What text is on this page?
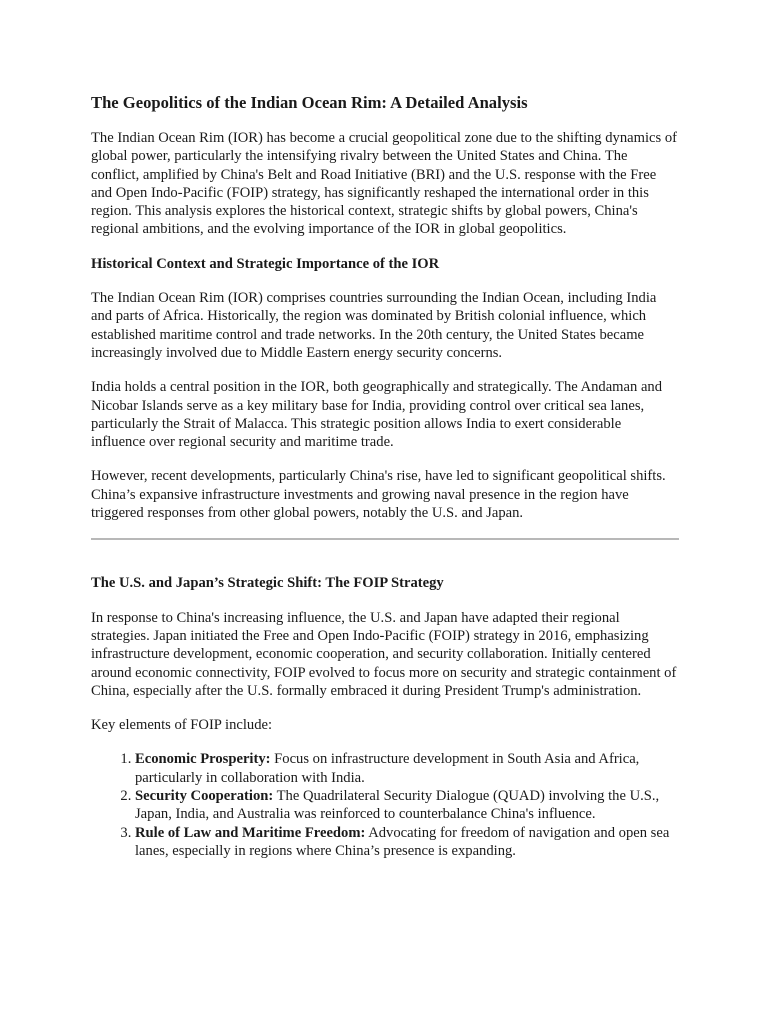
The Geopolitics of the Indian Ocean Rim: A Detailed Analysis

The Indian Ocean Rim (IOR) has become a crucial geopolitical zone due to the shifting dynamics of global power, particularly the intensifying rivalry between the United States and China. The conflict, amplified by China's Belt and Road Initiative (BRI) and the U.S. response with the Free and Open Indo-Pacific (FOIP) strategy, has significantly reshaped the international order in this region. This analysis explores the historical context, strategic shifts by global powers, China's regional ambitions, and the evolving importance of the IOR in global geopolitics.

Historical Context and Strategic Importance of the IOR

The Indian Ocean Rim (IOR) comprises countries surrounding the Indian Ocean, including India and parts of Africa. Historically, the region was dominated by British colonial influence, which established maritime control and trade networks. In the 20th century, the United States became increasingly involved due to Middle Eastern energy security concerns.

India holds a central position in the IOR, both geographically and strategically. The Andaman and Nicobar Islands serve as a key military base for India, providing control over critical sea lanes, particularly the Strait of Malacca. This strategic position allows India to exert considerable influence over regional security and maritime trade.

However, recent developments, particularly China's rise, have led to significant geopolitical shifts. China’s expansive infrastructure investments and growing naval presence in the region have triggered responses from other global powers, notably the U.S. and Japan.

The U.S. and Japan’s Strategic Shift: The FOIP Strategy

In response to China's increasing influence, the U.S. and Japan have adapted their regional strategies. Japan initiated the Free and Open Indo-Pacific (FOIP) strategy in 2016, emphasizing infrastructure development, economic cooperation, and security collaboration. Initially centered around economic connectivity, FOIP evolved to focus more on security and strategic containment of China, especially after the U.S. formally embraced it during President Trump's administration.

Key elements of FOIP include:

1. Economic Prosperity: Focus on infrastructure development in South Asia and Africa, particularly in collaboration with India.
2. Security Cooperation: The Quadrilateral Security Dialogue (QUAD) involving the U.S., Japan, India, and Australia was reinforced to counterbalance China's influence.
3. Rule of Law and Maritime Freedom: Advocating for freedom of navigation and open sea lanes, especially in regions where China’s presence is expanding.
